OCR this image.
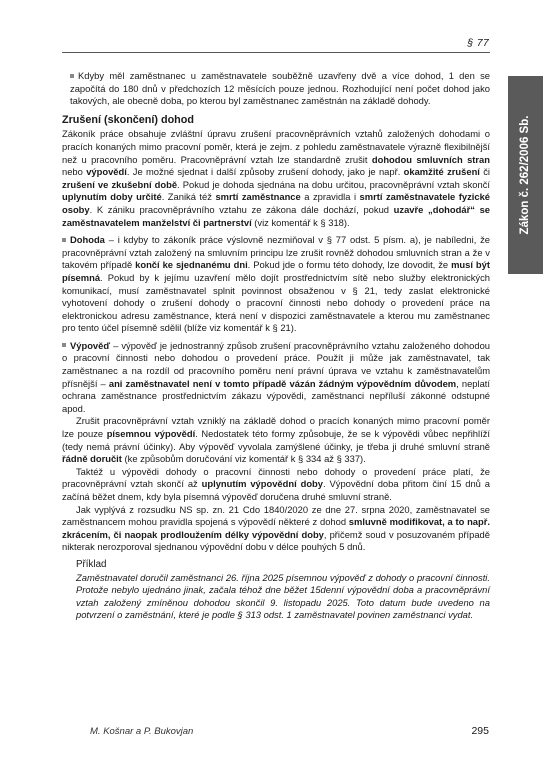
§ 77
Zákon č. 262/2006 Sb.

Kdyby měl zaměstnanec u zaměstnavatele souběžně uzavřeny dvě a více dohod, 1 den se započítá do 180 dnů v předchozích 12 měsících pouze jednou. Rozhodující není počet dohod jako takových, ale obecně doba, po kterou byl zaměstnanec zaměstnán na základě dohody.

Zrušení (skončení) dohod

Zákoník práce obsahuje zvláštní úpravu zrušení pracovněprávních vztahů založených dohodami o pracích konaných mimo pracovní poměr, která je zejm. z pohledu zaměstnavatele výrazně flexibilnější než u pracovního poměru. Pracovněprávní vztah lze standardně zrušit dohodou smluvních stran nebo výpovědí. Je možné sjednat i další způsoby zrušení dohody, jako je např. okamžité zrušení či zrušení ve zkušební době. Pokud je dohoda sjednána na dobu určitou, pracovněprávní vztah skončí uplynutím doby určité. Zaniká též smrtí zaměstnance a zpravidla i smrtí zaměstnavatele fyzické osoby. K zániku pracovněprávního vztahu ze zákona dále dochází, pokud uzavře „dohodář“ se zaměstnavatelem manželství či partnerství (viz komentář k § 318).

Dohoda – i kdyby to zákoník práce výslovně nezmiňoval v § 77 odst. 5 písm. a), je nabíledni, že pracovněprávní vztah založený na smluvním principu lze zrušit rovněž dohodou smluvních stran a že v takovém případě končí ke sjednanému dni. Pokud jde o formu této dohody, lze dovodit, že musí být písemná. Pokud by k jejímu uzavření mělo dojít prostřednictvím sítě nebo služby elektronických komunikací, musí zaměstnavatel splnit povinnost obsaženou v § 21, tedy zaslat elektronické vyhotovení dohody o zrušení dohody o pracovní činnosti nebo dohody o provedení práce na elektronickou adresu zaměstnance, která není v dispozici zaměstnavatele a kterou mu zaměstnanec pro tento účel písemně sdělil (blíže viz komentář k § 21).

Výpověď – výpověď je jednostranný způsob zrušení pracovněprávního vztahu založeného dohodou o pracovní činnosti nebo dohodou o provedení práce. Použít ji může jak zaměstnavatel, tak zaměstnanec a na rozdíl od pracovního poměru není právní úprava ve vztahu k zaměstnavatelům přísnější – ani zaměstnavatel není v tomto případě vázán žádným výpovědním důvodem, neplatí ochrana zaměstnance prostřednictvím zákazu výpovědi, zaměstnanci nepříluší zákonné odstupné apod.

Zrušit pracovněprávní vztah vzniklý na základě dohod o pracích konaných mimo pracovní poměr lze pouze písemnou výpovědí. Nedostatek této formy způsobuje, že se k výpovědi vůbec nepřihlíží (tedy nemá právní účinky). Aby výpověď vyvolala zamýšlené účinky, je třeba ji druhé smluvní straně řádně doručit (ke způsobům doručování viz komentář k § 334 až § 337).

Taktéž u výpovědi dohody o pracovní činnosti nebo dohody o provedení práce platí, že pracovněprávní vztah skončí až uplynutím výpovědní doby. Výpovědní doba přitom činí 15 dnů a začíná běžet dnem, kdy byla písemná výpověď doručena druhé smluvní straně.

Jak vyplývá z rozsudku NS sp. zn. 21 Cdo 1840/2020 ze dne 27. srpna 2020, zaměstnavatel se zaměstnancem mohou pravidla spojená s výpovědí některé z dohod smluvně modifikovat, a to např. zkrácením, či naopak prodloužením délky výpovědní doby, přičemž soud v posuzovaném případě nikterak nerozporoval sjednanou výpovědní dobu v délce pouhých 5 dnů.

Příklad
Zaměstnavatel doručil zaměstnanci 26. října 2025 písemnou výpověď z dohody o pracovní činnosti. Protože nebylo ujednáno jinak, začala téhož dne běžet 15denní výpovědní doba a pracovněprávní vztah založený zmíněnou dohodou skončil 9. listopadu 2025. Toto datum bude uvedeno na potvrzení o zaměstnání, které je podle § 313 odst. 1 zaměstnavatel povinen zaměstnanci vydat.
M. Košnar a P. Bukovjan	295
